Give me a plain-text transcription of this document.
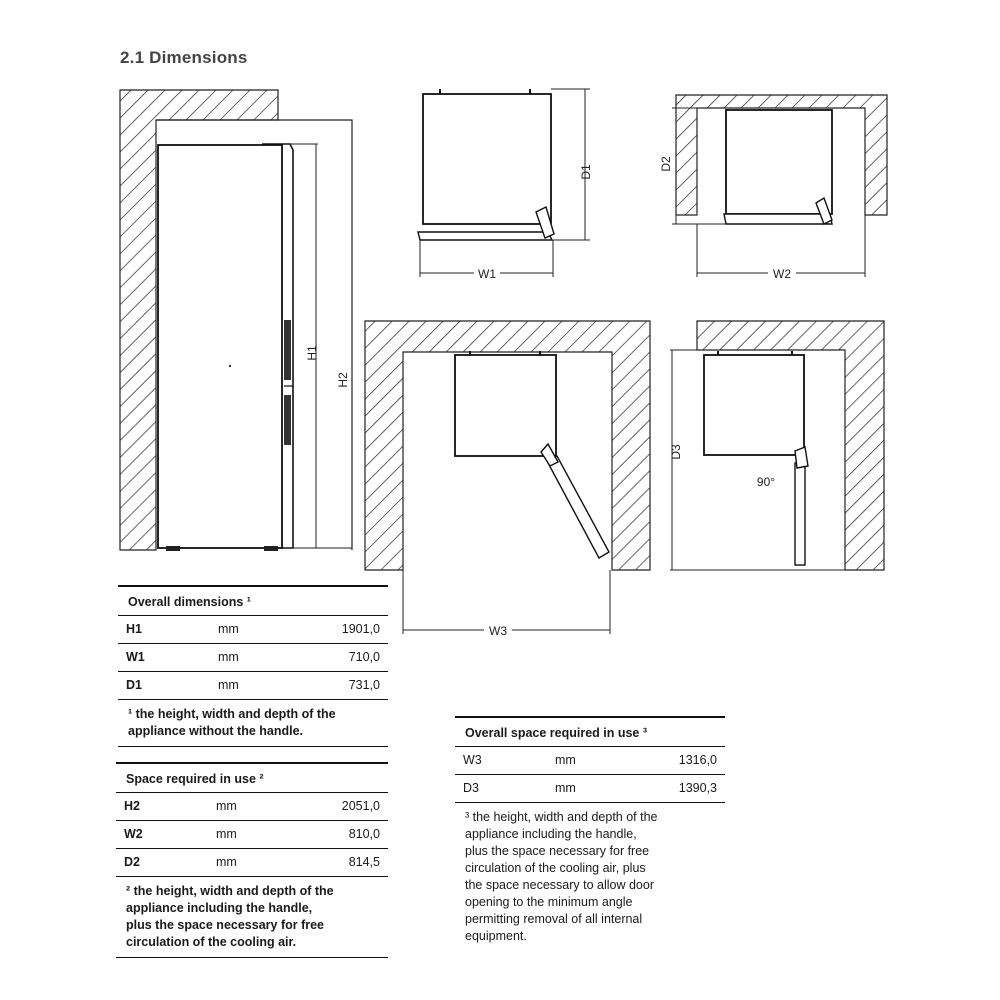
2.1 Dimensions
H1
H2
W1
D1
W2
D2
W3
D3
90°
Overall dimensions ¹
H1	mm	1901,0
W1	mm	710,0
D1	mm	731,0
¹ the height, width and depth of the
appliance without the handle.
Space required in use ²
H2	mm	2051,0
W2	mm	810,0
D2	mm	814,5
² the height, width and depth of the
appliance including the handle,
plus the space necessary for free
circulation of the cooling air.
Overall space required in use ³
W3	mm	1316,0
D3	mm	1390,3
³ the height, width and depth of the
appliance including the handle,
plus the space necessary for free
circulation of the cooling air, plus
the space necessary to allow door
opening to the minimum angle
permitting removal of all internal
equipment.
